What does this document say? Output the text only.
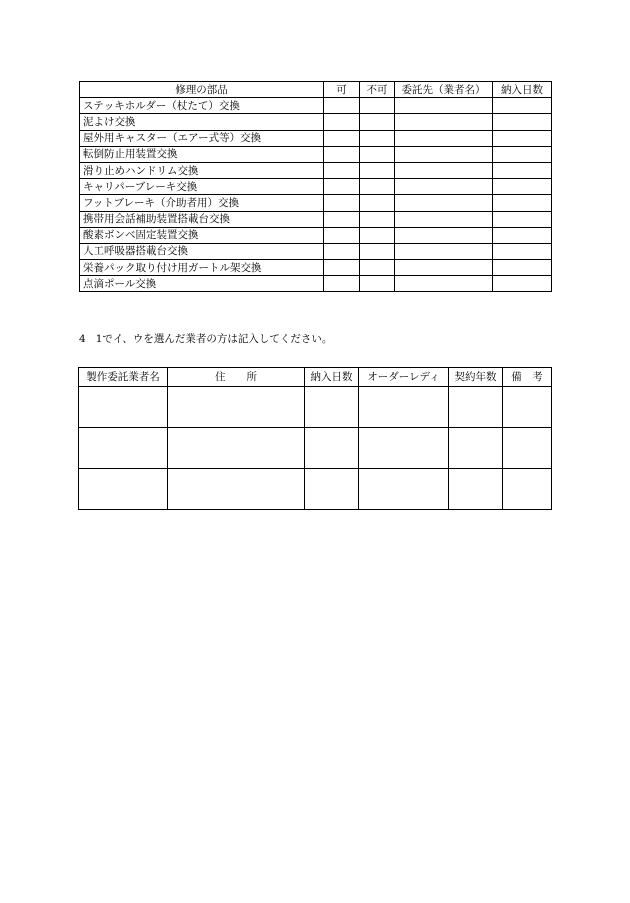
修理の部品	可	不可	委託先（業者名）	納入日数
ステッキホルダー（杖たて）交換				
泥よけ交換				
屋外用キャスター（エアー式等）交換				
転倒防止用装置交換				
滑り止めハンドリム交換				
キャリパーブレーキ交換				
フットブレーキ（介助者用）交換				
携帯用会話補助装置搭載台交換				
酸素ボンベ固定装置交換				
人工呼吸器搭載台交換				
栄養パック取り付け用ガートル架交換				
点滴ポール交換				
4 1でイ、ウを選んだ業者の方は記入してください。
製作委託業者名	住　　所	納入日数	オーダーレディ	契約年数	備　考
